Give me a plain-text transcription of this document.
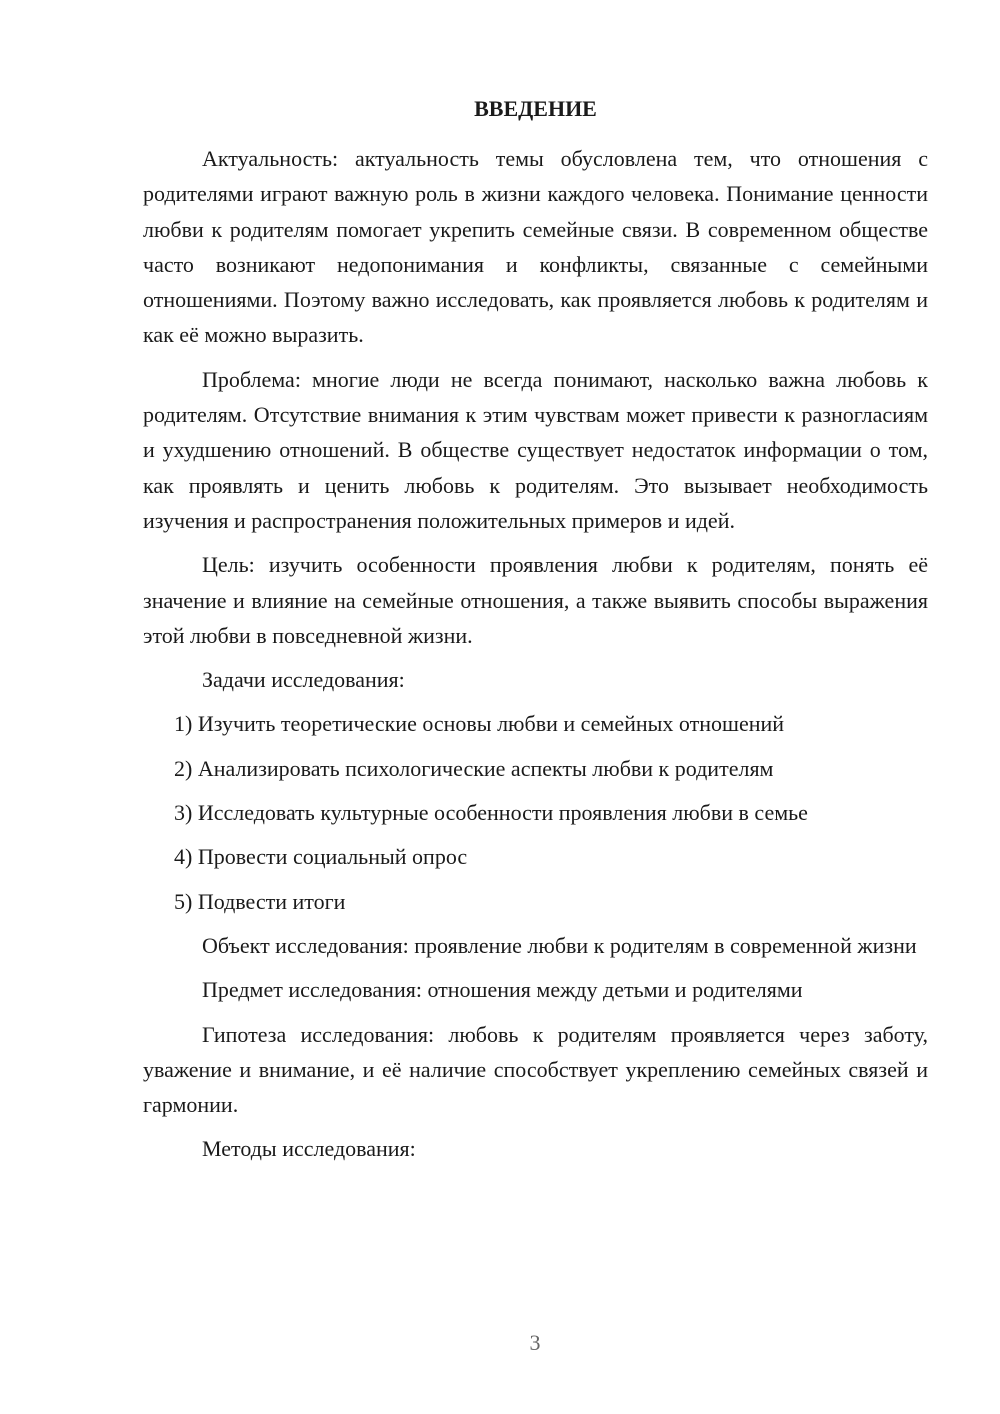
ВВЕДЕНИЕ

Актуальность: актуальность темы обусловлена тем, что отношения с родителями играют важную роль в жизни каждого человека. Понимание ценности любви к родителям помогает укрепить семейные связи. В современном обществе часто возникают недопонимания и конфликты, связанные с семейными отношениями. Поэтому важно исследовать, как проявляется любовь к родителям и как её можно выразить.

Проблема: многие люди не всегда понимают, насколько важна любовь к родителям. Отсутствие внимания к этим чувствам может привести к разногласиям и ухудшению отношений. В обществе существует недостаток информации о том, как проявлять и ценить любовь к родителям. Это вызывает необходимость изучения и распространения положительных примеров и идей.

Цель: изучить особенности проявления любви к родителям, понять её значение и влияние на семейные отношения, а также выявить способы выражения этой любви в повседневной жизни.

Задачи исследования:

1) Изучить теоретические основы любви и семейных отношений
2) Анализировать психологические аспекты любви к родителям
3) Исследовать культурные особенности проявления любви в семье
4) Провести социальный опрос
5) Подвести итоги

Объект исследования: проявление любви к родителям в современной жизни

Предмет исследования: отношения между детьми и родителями

Гипотеза исследования: любовь к родителям проявляется через заботу, уважение и внимание, и её наличие способствует укреплению семейных связей и гармонии.

Методы исследования:

3
